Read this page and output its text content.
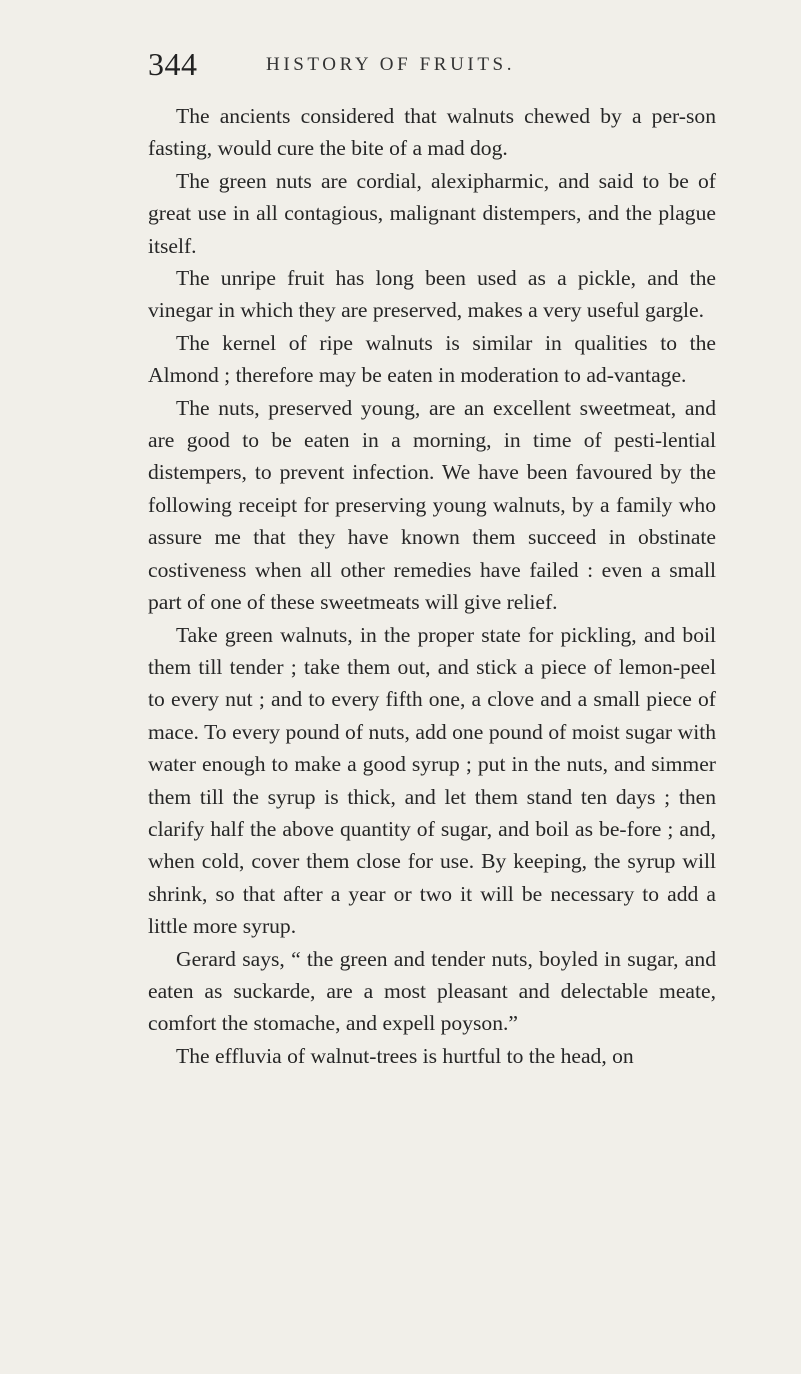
344	HISTORY OF FRUITS.

The ancients considered that walnuts chewed by a per-son fasting, would cure the bite of a mad dog.

The green nuts are cordial, alexipharmic, and said to be of great use in all contagious, malignant distempers, and the plague itself.

The unripe fruit has long been used as a pickle, and the vinegar in which they are preserved, makes a very useful gargle.

The kernel of ripe walnuts is similar in qualities to the Almond ; therefore may be eaten in moderation to ad-vantage.

The nuts, preserved young, are an excellent sweetmeat, and are good to be eaten in a morning, in time of pesti-lential distempers, to prevent infection. We have been favoured by the following receipt for preserving young walnuts, by a family who assure me that they have known them succeed in obstinate costiveness when all other remedies have failed : even a small part of one of these sweetmeats will give relief.

Take green walnuts, in the proper state for pickling, and boil them till tender ; take them out, and stick a piece of lemon-peel to every nut ; and to every fifth one, a clove and a small piece of mace. To every pound of nuts, add one pound of moist sugar with water enough to make a good syrup ; put in the nuts, and simmer them till the syrup is thick, and let them stand ten days ; then clarify half the above quantity of sugar, and boil as be-fore ; and, when cold, cover them close for use. By keeping, the syrup will shrink, so that after a year or two it will be necessary to add a little more syrup.

Gerard says, “ the green and tender nuts, boyled in sugar, and eaten as suckarde, are a most pleasant and delectable meate, comfort the stomache, and expell poyson.”

The effluvia of walnut-trees is hurtful to the head, on
